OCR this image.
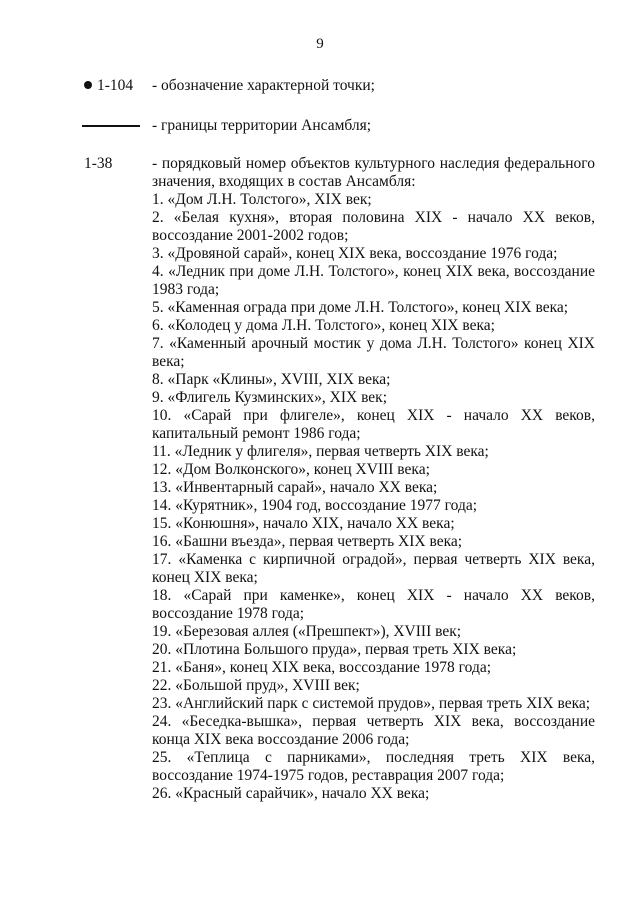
9
1-104 - обозначение характерной точки;
- границы территории Ансамбля;
1-38	- порядковый номер объектов культурного наследия федерального значения, входящих в состав Ансамбля:

1. «Дом Л.Н. Толстого», XIX век;

2. «Белая кухня», вторая половина XIX - начало XX веков, воссоздание 2001-2002 годов;

3. «Дровяной сарай», конец XIX века, воссоздание 1976 года;

4. «Ледник при доме Л.Н. Толстого», конец XIX века, воссоздание 1983 года;

5. «Каменная ограда при доме Л.Н. Толстого», конец XIX века;

6. «Колодец у дома Л.Н. Толстого», конец XIX века;

7. «Каменный арочный мостик у дома Л.Н. Толстого» конец XIX века;

8. «Парк «Клины», XVIII, XIX века;

9. «Флигель Кузминских», XIX век;

10. «Сарай при флигеле», конец XIX - начало XX веков, капитальный ремонт 1986 года;

11. «Ледник у флигеля», первая четверть XIX века;

12. «Дом Волконского», конец XVIII века;

13. «Инвентарный сарай», начало XX века;

14. «Курятник», 1904 год, воссоздание 1977 года;

15. «Конюшня», начало XIX, начало XX века;

16. «Башни въезда», первая четверть XIX века;

17. «Каменка с кирпичной оградой», первая четверть XIX века, конец XIX века;

18. «Сарай при каменке», конец XIX - начало XX веков, воссоздание 1978 года;

19. «Березовая аллея («Прешпект»), XVIII век;

20. «Плотина Большого пруда», первая треть XIX века;

21. «Баня», конец XIX века, воссоздание 1978 года;

22. «Большой пруд», XVIII век;

23. «Английский парк с системой прудов», первая треть XIX века;

24. «Беседка-вышка», первая четверть XIX века, воссоздание конца XIX века воссоздание 2006 года;

25. «Теплица с парниками», последняя треть XIX века, воссоздание 1974-1975 годов, реставрация 2007 года;

26. «Красный сарайчик», начало XX века;
